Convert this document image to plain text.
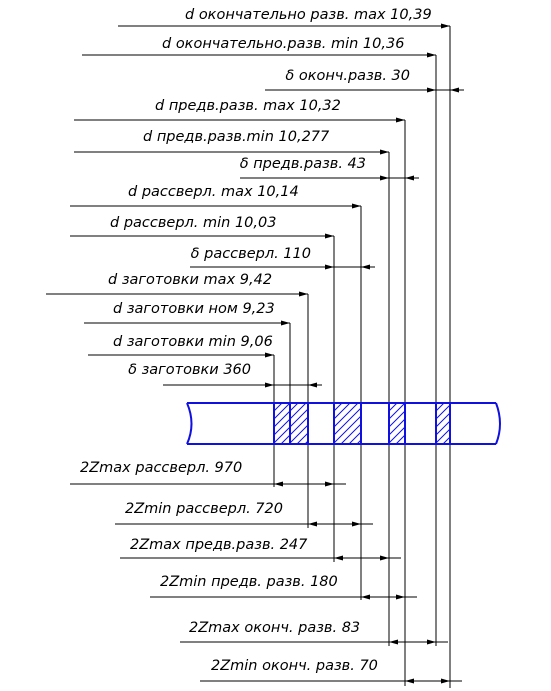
d окончательно разв. max 10,39
d окончательно.разв. min 10,36
δ оконч.разв. 30
d предв.разв. max 10,32
d предв.разв.min 10,277
δ предв.разв. 43
d рассверл. max 10,14
d рассверл. min 10,03
δ рассверл. 110
d заготовки max 9,42
d заготовки ном 9,23
d заготовки min 9,06
δ заготовки 360
2Zmax рассверл. 970
2Zmin рассверл. 720
2Zmax предв.разв. 247
2Zmin предв. разв. 180
2Zmax оконч. разв. 83
2Zmin оконч. разв. 70
